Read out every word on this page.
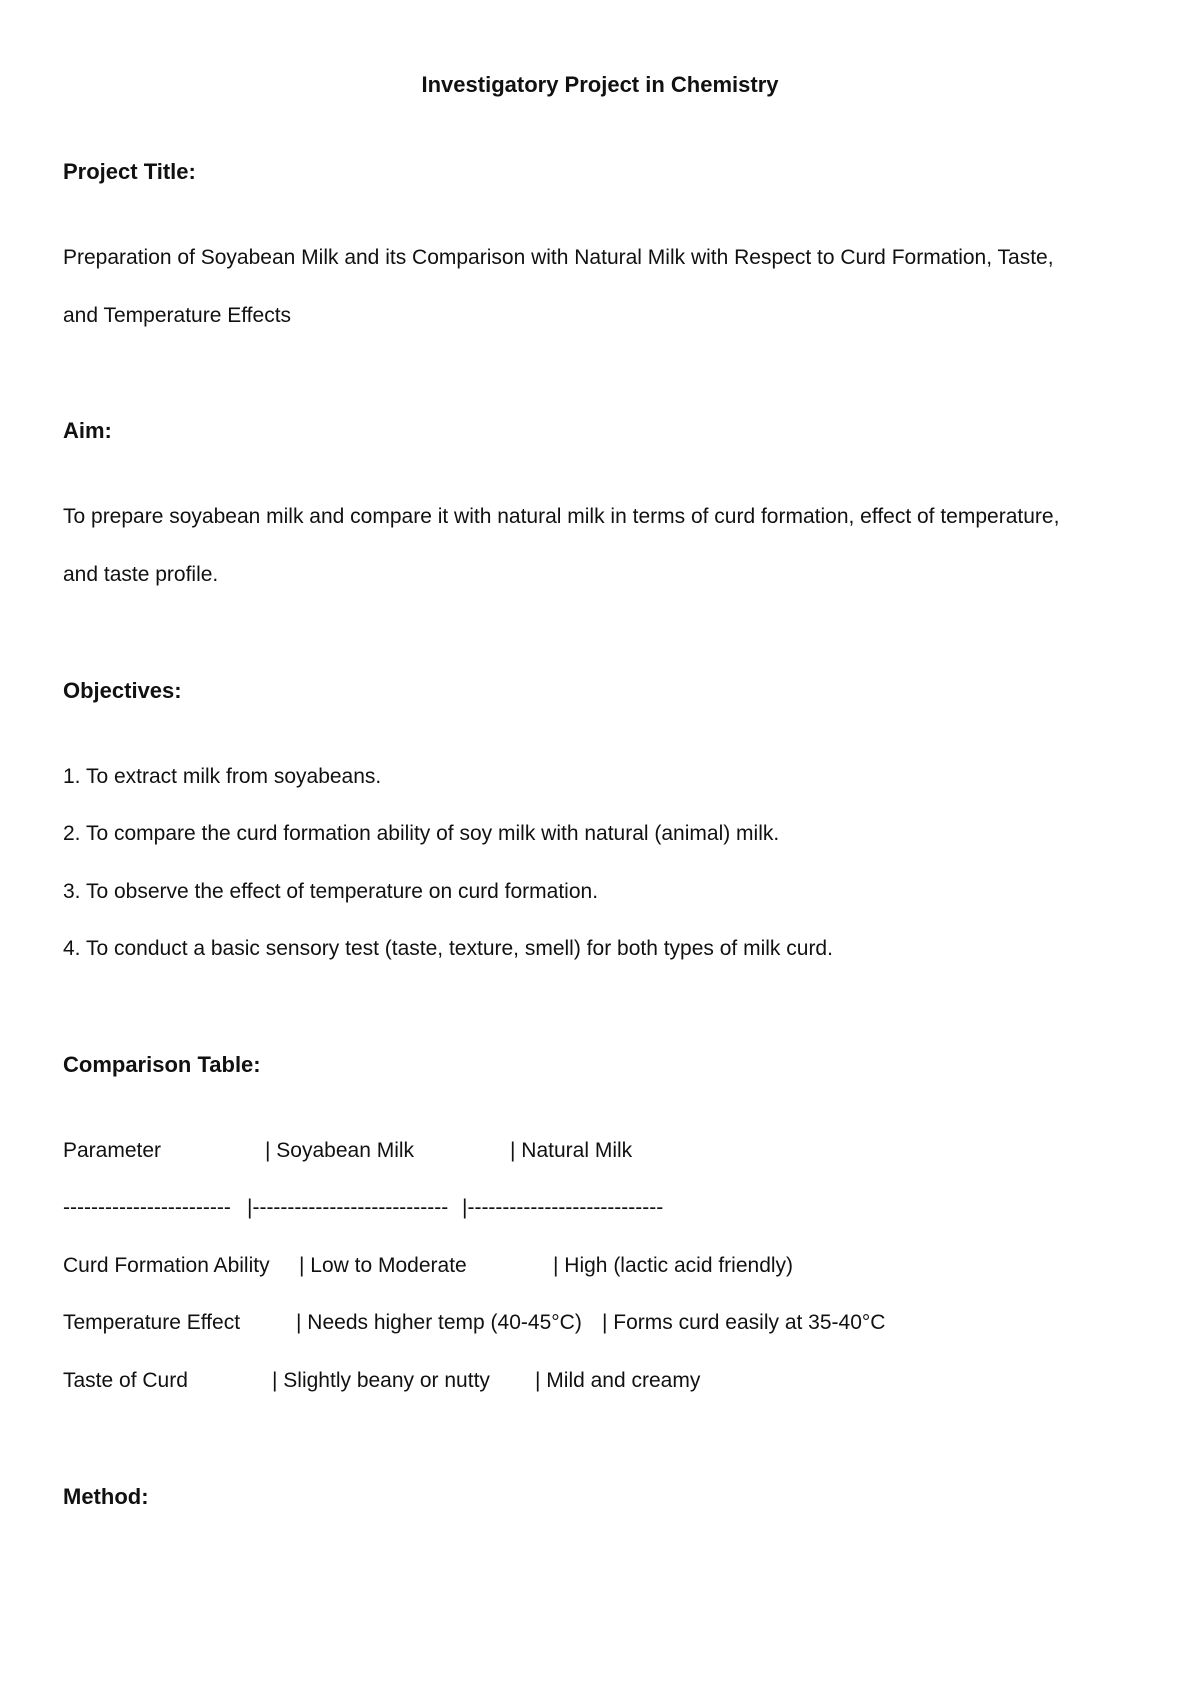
Investigatory Project in Chemistry
Project Title:
Preparation of Soyabean Milk and its Comparison with Natural Milk with Respect to Curd Formation, Taste,
and Temperature Effects
Aim:
To prepare soyabean milk and compare it with natural milk in terms of curd formation, effect of temperature,
and taste profile.
Objectives:
1. To extract milk from soyabeans.
2. To compare the curd formation ability of soy milk with natural (animal) milk.
3. To observe the effect of temperature on curd formation.
4. To conduct a basic sensory test (taste, texture, smell) for both types of milk curd.
Comparison Table:
Parameter	| Soyabean Milk	| Natural Milk
------------------------ |---------------------------- |----------------------------
Curd Formation Ability | Low to Moderate	| High (lactic acid friendly)
Temperature Effect	| Needs higher temp (40-45°C) | Forms curd easily at 35-40°C
Taste of Curd	| Slightly beany or nutty | Mild and creamy
Method:
